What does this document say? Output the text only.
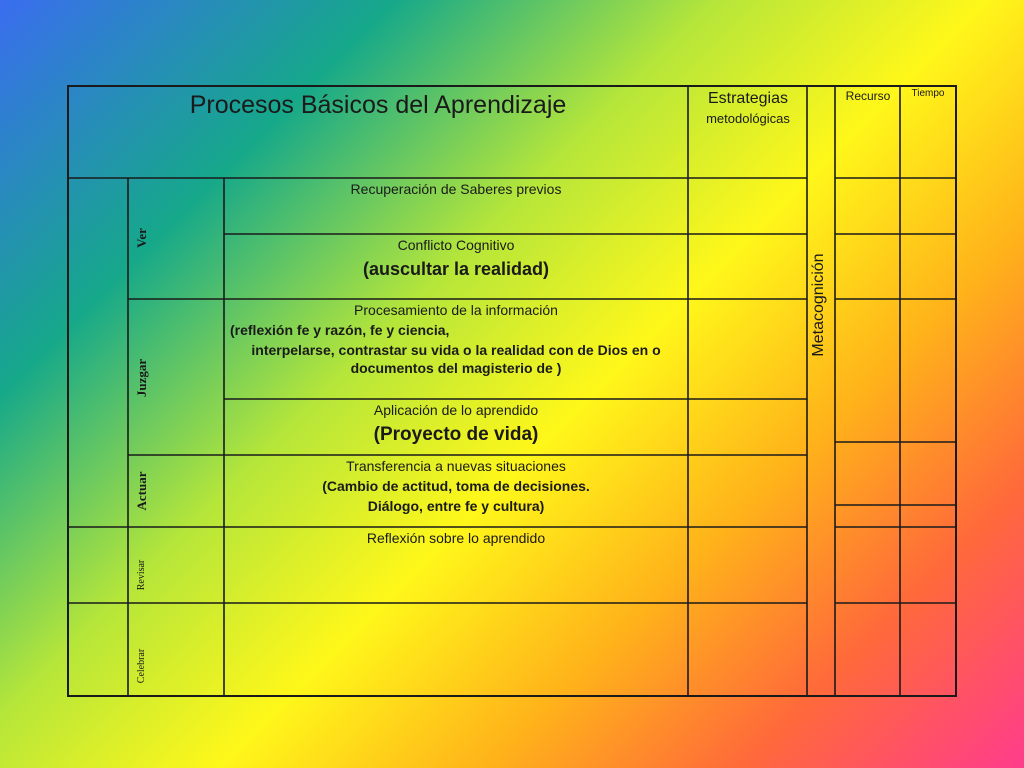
Procesos Básicos del Aprendizaje	Estrategias
metodológicas
Recurso	Tiempo
Metacognición
Ver
Juzgar
Actuar
Revisar
Celebrar
Recuperación de Saberes previos
Conflicto Cognitivo
(auscultar la realidad)
Procesamiento de la información
(reflexión fe y razón, fe y ciencia,
interpelarse, contrastar su vida o la realidad con de Dios en o documentos del magisterio de )
Aplicación de lo aprendido
(Proyecto de vida)
Transferencia a nuevas situaciones
(Cambio de actitud, toma de decisiones.
Diálogo, entre fe y cultura)
Reflexión sobre lo aprendido
